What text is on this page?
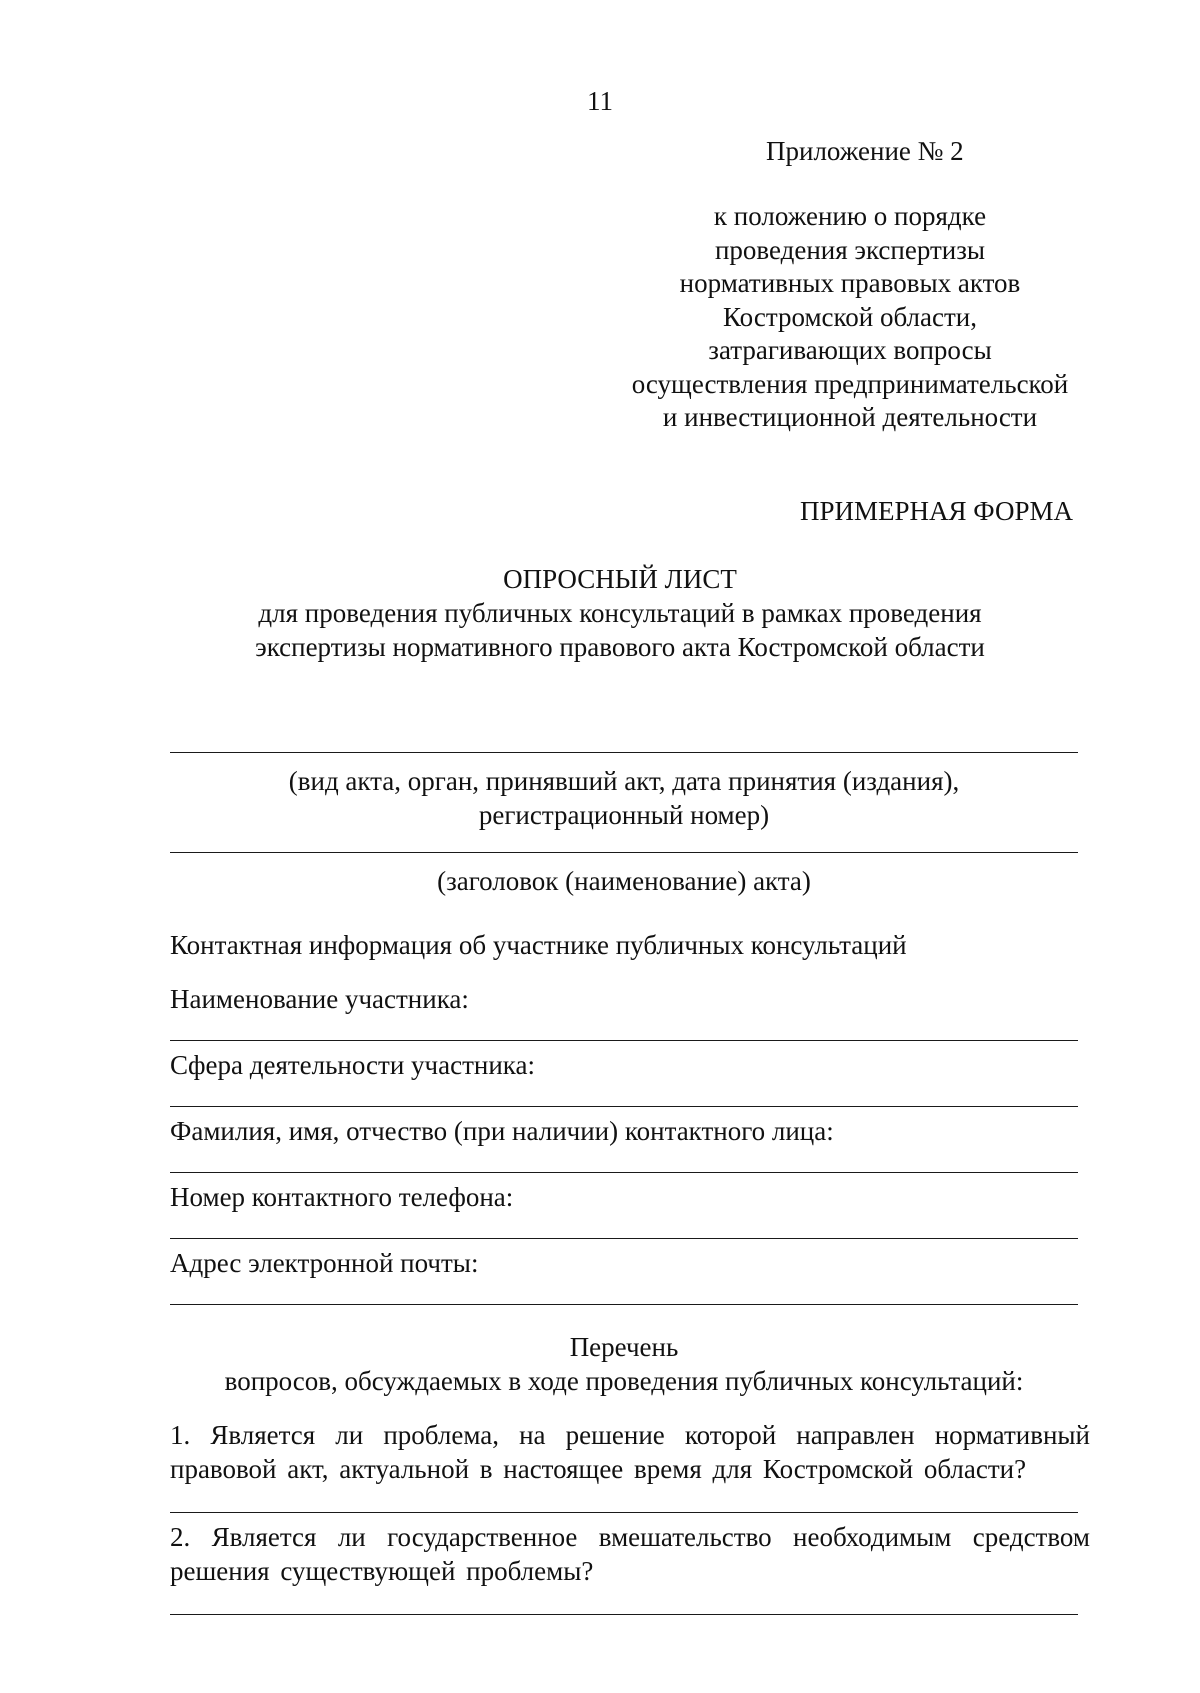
11
Приложение № 2
к положению о порядке
проведения экспертизы
нормативных правовых актов
Костромской области,
затрагивающих вопросы
осуществления предпринимательской
и инвестиционной деятельности
ПРИМЕРНАЯ ФОРМА
ОПРОСНЫЙ ЛИСТ
для проведения публичных консультаций в рамках проведения
экспертизы нормативного правового акта Костромской области
(вид акта, орган, принявший акт, дата принятия (издания),
регистрационный номер)
(заголовок (наименование) акта)
Контактная информация об участнике публичных консультаций
Наименование участника:
Сфера деятельности участника:
Фамилия, имя, отчество (при наличии) контактного лица:
Номер контактного телефона:
Адрес электронной почты:
Перечень
вопросов, обсуждаемых в ходе проведения публичных консультаций:
1. Является ли проблема, на решение которой направлен нормативный правовой акт, актуальной в настоящее время для Костромской области?
2. Является ли государственное вмешательство необходимым средством решения существующей проблемы?
